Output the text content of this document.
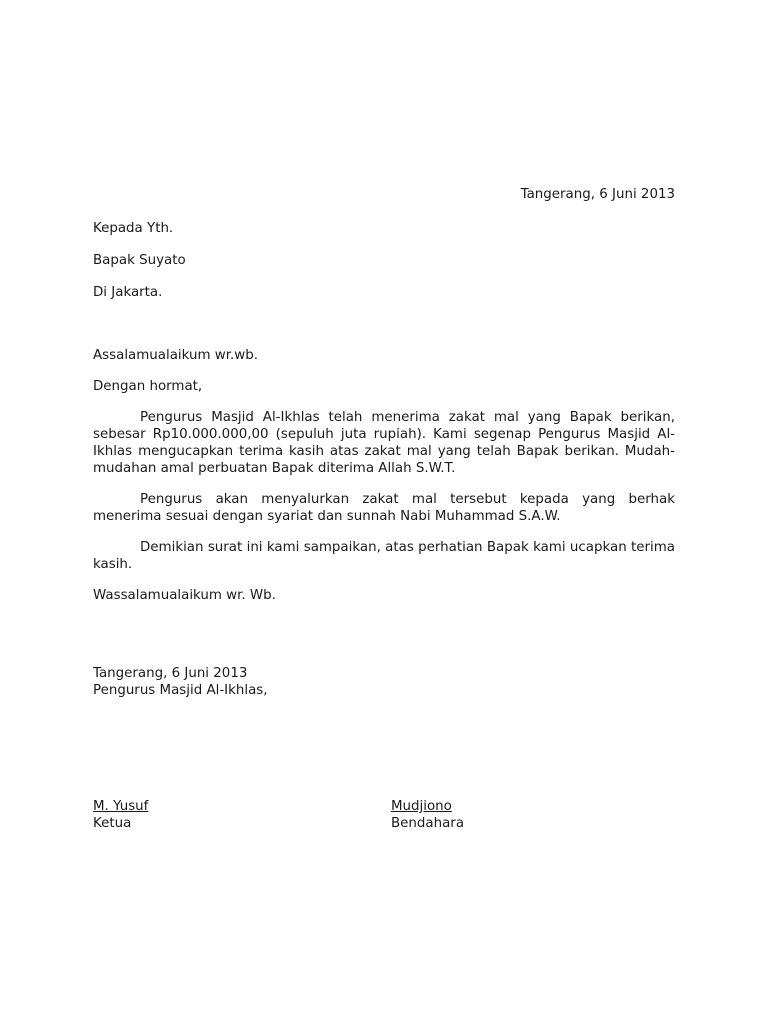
Tangerang, 6 Juni 2013
Kepada Yth.
Bapak Suyato
Di Jakarta.

Assalamualaikum wr.wb.

Dengan hormat,

Pengurus Masjid Al-Ikhlas telah menerima zakat mal yang Bapak berikan, sebesar Rp10.000.000,00 (sepuluh juta rupiah). Kami segenap Pengurus Masjid Al-Ikhlas mengucapkan terima kasih atas zakat mal yang telah Bapak berikan. Mudah-mudahan amal perbuatan Bapak diterima Allah S.W.T.

Pengurus akan menyalurkan zakat mal tersebut kepada yang berhak menerima sesuai dengan syariat dan sunnah Nabi Muhammad S.A.W.

Demikian surat ini kami sampaikan, atas perhatian Bapak kami ucapkan terima kasih.

Wassalamualaikum wr. Wb.

Tangerang, 6 Juni 2013
Pengurus Masjid Al-Ikhlas,
M. Yusuf
Ketua
Mudjiono
Bendahara
